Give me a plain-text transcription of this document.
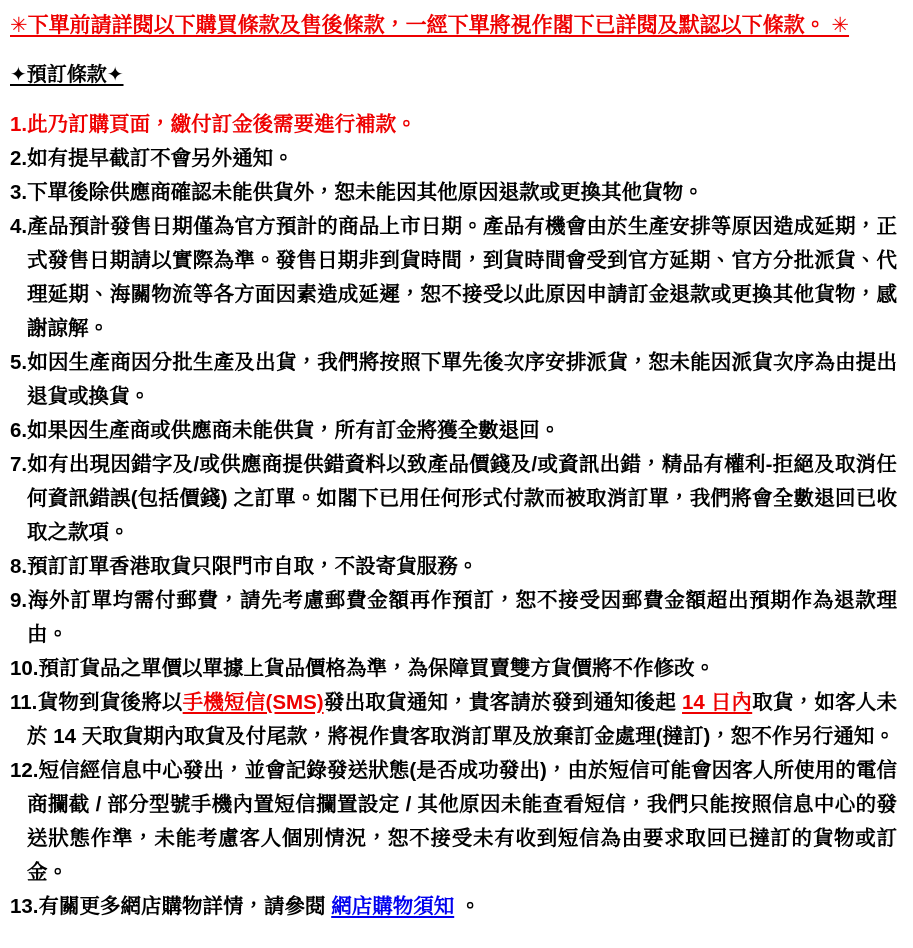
✳下單前請詳閱以下購買條款及售後條款，一經下單將視作閣下已詳閱及默認以下條款。 ✳
✦預訂條款✦
1.此乃訂購頁面，繳付訂金後需要進行補款。
2.如有提早截訂不會另外通知。
3.下單後除供應商確認未能供貨外，恕未能因其他原因退款或更換其他貨物。
4.產品預計發售日期僅為官方預計的商品上市日期。產品有機會由於生產安排等原因造成延期，正式發售日期請以實際為準。發售日期非到貨時間，到貨時間會受到官方延期、官方分批派貨、代理延期、海關物流等各方面因素造成延遲，恕不接受以此原因申請訂金退款或更換其他貨物，感謝諒解。
5.如因生產商因分批生產及出貨，我們將按照下單先後次序安排派貨，恕未能因派貨次序為由提出退貨或換貨。
6.如果因生產商或供應商未能供貨，所有訂金將獲全數退回。
7.如有出現因錯字及/或供應商提供錯資料以致產品價錢及/或資訊出錯，精品有權利-拒絕及取消任何資訊錯誤(包括價錢) 之訂單。如閣下已用任何形式付款而被取消訂單，我們將會全數退回已收取之款項。
8.預訂訂單香港取貨只限門市自取，不設寄貨服務。
9.海外訂單均需付郵費，請先考慮郵費金額再作預訂，恕不接受因郵費金額超出預期作為退款理由。
10.預訂貨品之單價以單據上貨品價格為準，為保障買賣雙方貨價將不作修改。
11.貨物到貨後將以手機短信(SMS)發出取貨通知，貴客請於發到通知後起 14 日內取貨，如客人未於 14 天取貨期內取貨及付尾款，將視作貴客取消訂單及放棄訂金處理(撻訂)，恕不作另行通知。
12.短信經信息中心發出，並會記錄發送狀態(是否成功發出)，由於短信可能會因客人所使用的電信商攔截 / 部分型號手機內置短信攔置設定 / 其他原因未能查看短信，我們只能按照信息中心的發送狀態作準，未能考慮客人個別情況，恕不接受未有收到短信為由要求取回已撻訂的貨物或訂金。
13.有關更多網店購物詳情，請參閱 網店購物須知 。
